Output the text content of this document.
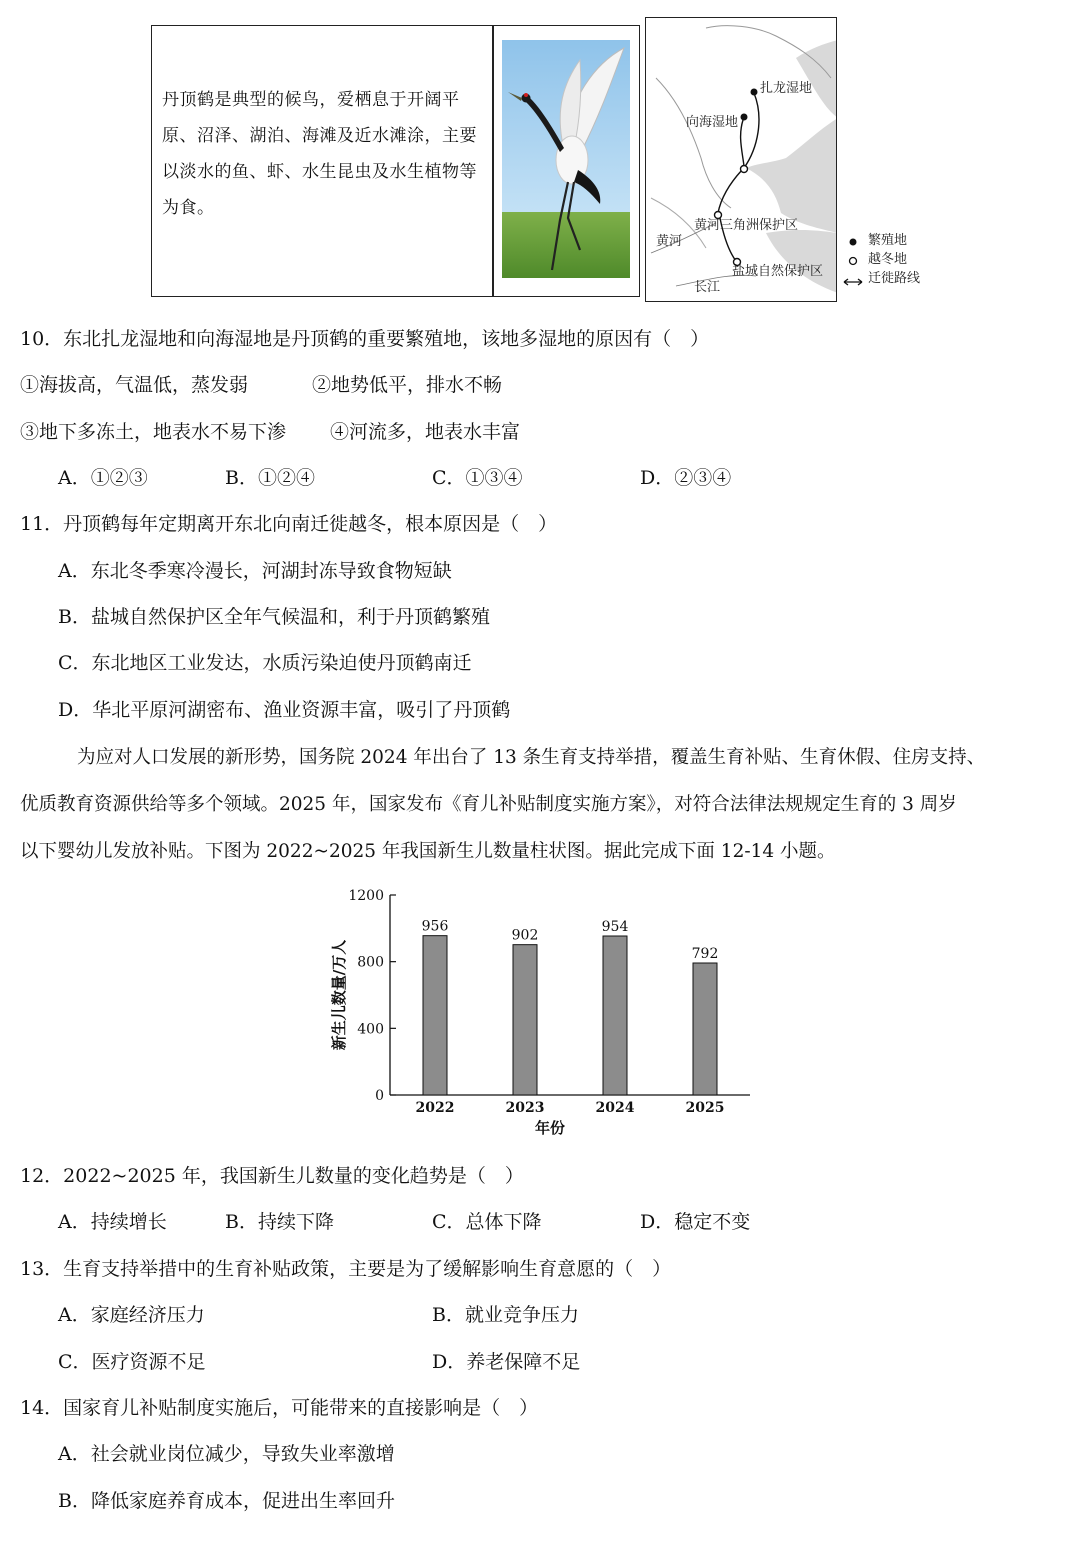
丹顶鹤是典型的候鸟，爱栖息于开阔平原、沼泽、湖泊、海滩及近水滩涂，主要以淡水的鱼、虾、水生昆虫及水生植物等为食。
扎龙湿地
向海湿地
黄河三角洲保护区
黄河
盐城自然保护区
长江
繁殖地
越冬地
迁徙路线
10．东北扎龙湿地和向海湿地是丹顶鹤的重要繁殖地，该地多湿地的原因有（　）
①海拔高，气温低，蒸发弱	②地势低平，排水不畅
③地下多冻土，地表水不易下渗 ④河流多，地表水丰富
A．①②③	B．①②④	C．①③④	D．②③④
11．丹顶鹤每年定期离开东北向南迁徙越冬，根本原因是（　）
A．东北冬季寒冷漫长，河湖封冻导致食物短缺
B．盐城自然保护区全年气候温和，利于丹顶鹤繁殖
C．东北地区工业发达，水质污染迫使丹顶鹤南迁
D．华北平原河湖密布、渔业资源丰富，吸引了丹顶鹤
为应对人口发展的新形势，国务院 2024 年出台了 13 条生育支持举措，覆盖生育补贴、生育休假、住房支持、
优质教育资源供给等多个领域。2025 年，国家发布《育儿补贴制度实施方案》，对符合法律法规规定生育的 3 周岁
以下婴幼儿发放补贴。下图为 2022~2025 年我国新生儿数量柱状图。据此完成下面 12-14 小题。
0
400
800
1200
956
2022
902
2023
954
2024
792
2025
年份
新生儿数量/万人
12．2022~2025 年，我国新生儿数量的变化趋势是（　）
A．持续增长	B．持续下降	C．总体下降	D．稳定不变
13．生育支持举措中的生育补贴政策，主要是为了缓解影响生育意愿的（　）
A．家庭经济压力	B．就业竞争压力
C．医疗资源不足	D．养老保障不足
14．国家育儿补贴制度实施后，可能带来的直接影响是（　）
A．社会就业岗位减少，导致失业率激增
B．降低家庭养育成本，促进出生率回升
